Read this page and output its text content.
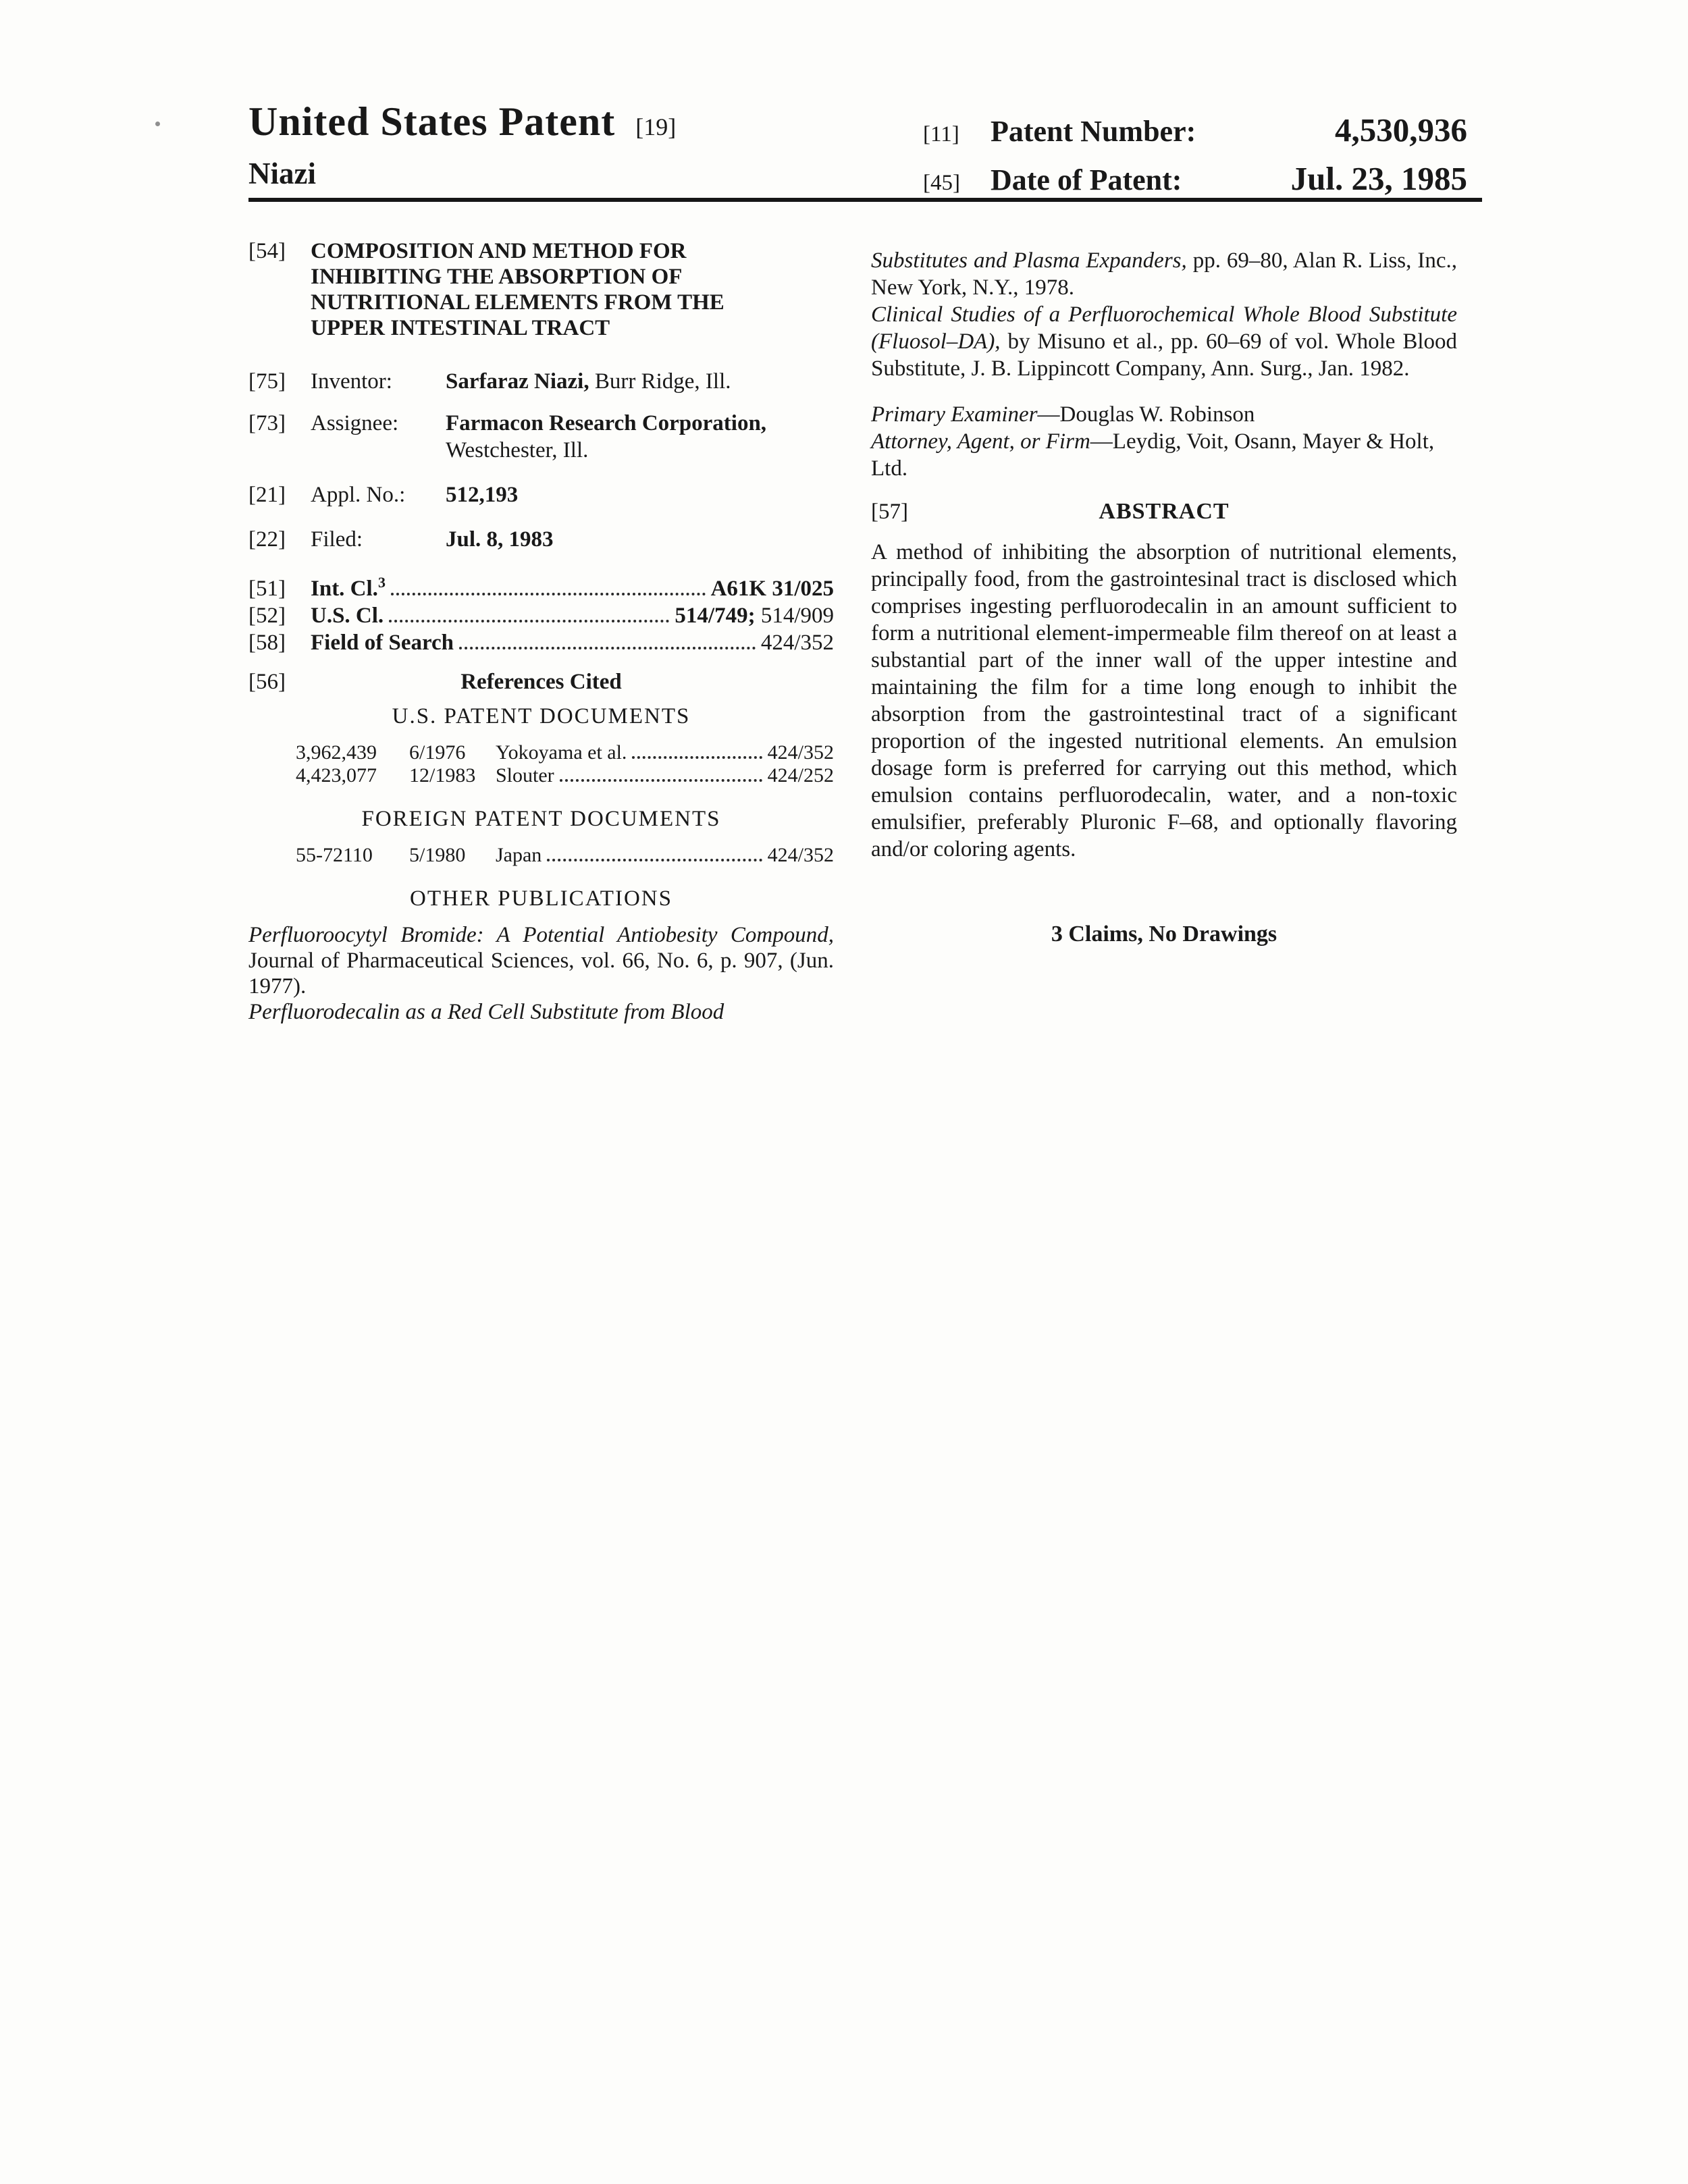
United States Patent [19]
Niazi
[11]	Patent Number:	4,530,936
[45]	Date of Patent:	Jul. 23, 1985
[54]	COMPOSITION AND METHOD FOR
INHIBITING THE ABSORPTION OF
NUTRITIONAL ELEMENTS FROM THE
UPPER INTESTINAL TRACT
[75]	Inventor:	Sarfaraz Niazi, Burr Ridge, Ill.
[73]	Assignee:	Farmacon Research Corporation, Westchester, Ill.
[21]	Appl. No.:	512,193
[22]	Filed:	Jul. 8, 1983
[51]	Int. Cl.$^3$	A61K 31/025
[52]	U.S. Cl.	514/749; 514/909
[58]	Field of Search	424/352
[56]	References Cited
U.S. PATENT DOCUMENTS
3,962,439	6/1976	Yokoyama et al.	424/352
4,423,077	12/1983 Slouter	424/252
FOREIGN PATENT DOCUMENTS
55-72110	5/1980	Japan	424/352
OTHER PUBLICATIONS

Perfluoroocytyl Bromide: A Potential Antiobesity Compound, Journal of Pharmaceutical Sciences, vol. 66, No. 6, p. 907, (Jun. 1977).

Perfluorodecalin as a Red Cell Substitute from Blood

Substitutes and Plasma Expanders, pp. 69–80, Alan R. Liss, Inc., New York, N.Y., 1978.

Clinical Studies of a Perfluorochemical Whole Blood Substitute (Fluosol–DA), by Misuno et al., pp. 60–69 of vol. Whole Blood Substitute, J. B. Lippincott Company, Ann. Surg., Jan. 1982.

Primary Examiner—Douglas W. Robinson

Attorney, Agent, or Firm—Leydig, Voit, Osann, Mayer & Holt, Ltd.

[57]	ABSTRACT

A method of inhibiting the absorption of nutritional elements, principally food, from the gastrointesinal tract is disclosed which comprises ingesting perfluorodecalin in an amount sufficient to form a nutritional element-impermeable film thereof on at least a substantial part of the inner wall of the upper intestine and maintaining the film for a time long enough to inhibit the absorption from the gastrointestinal tract of a significant proportion of the ingested nutritional elements. An emulsion dosage form is preferred for carrying out this method, which emulsion contains perfluorodecalin, water, and a non-toxic emulsifier, preferably Pluronic F–68, and optionally flavoring and/or coloring agents.

3 Claims, No Drawings
